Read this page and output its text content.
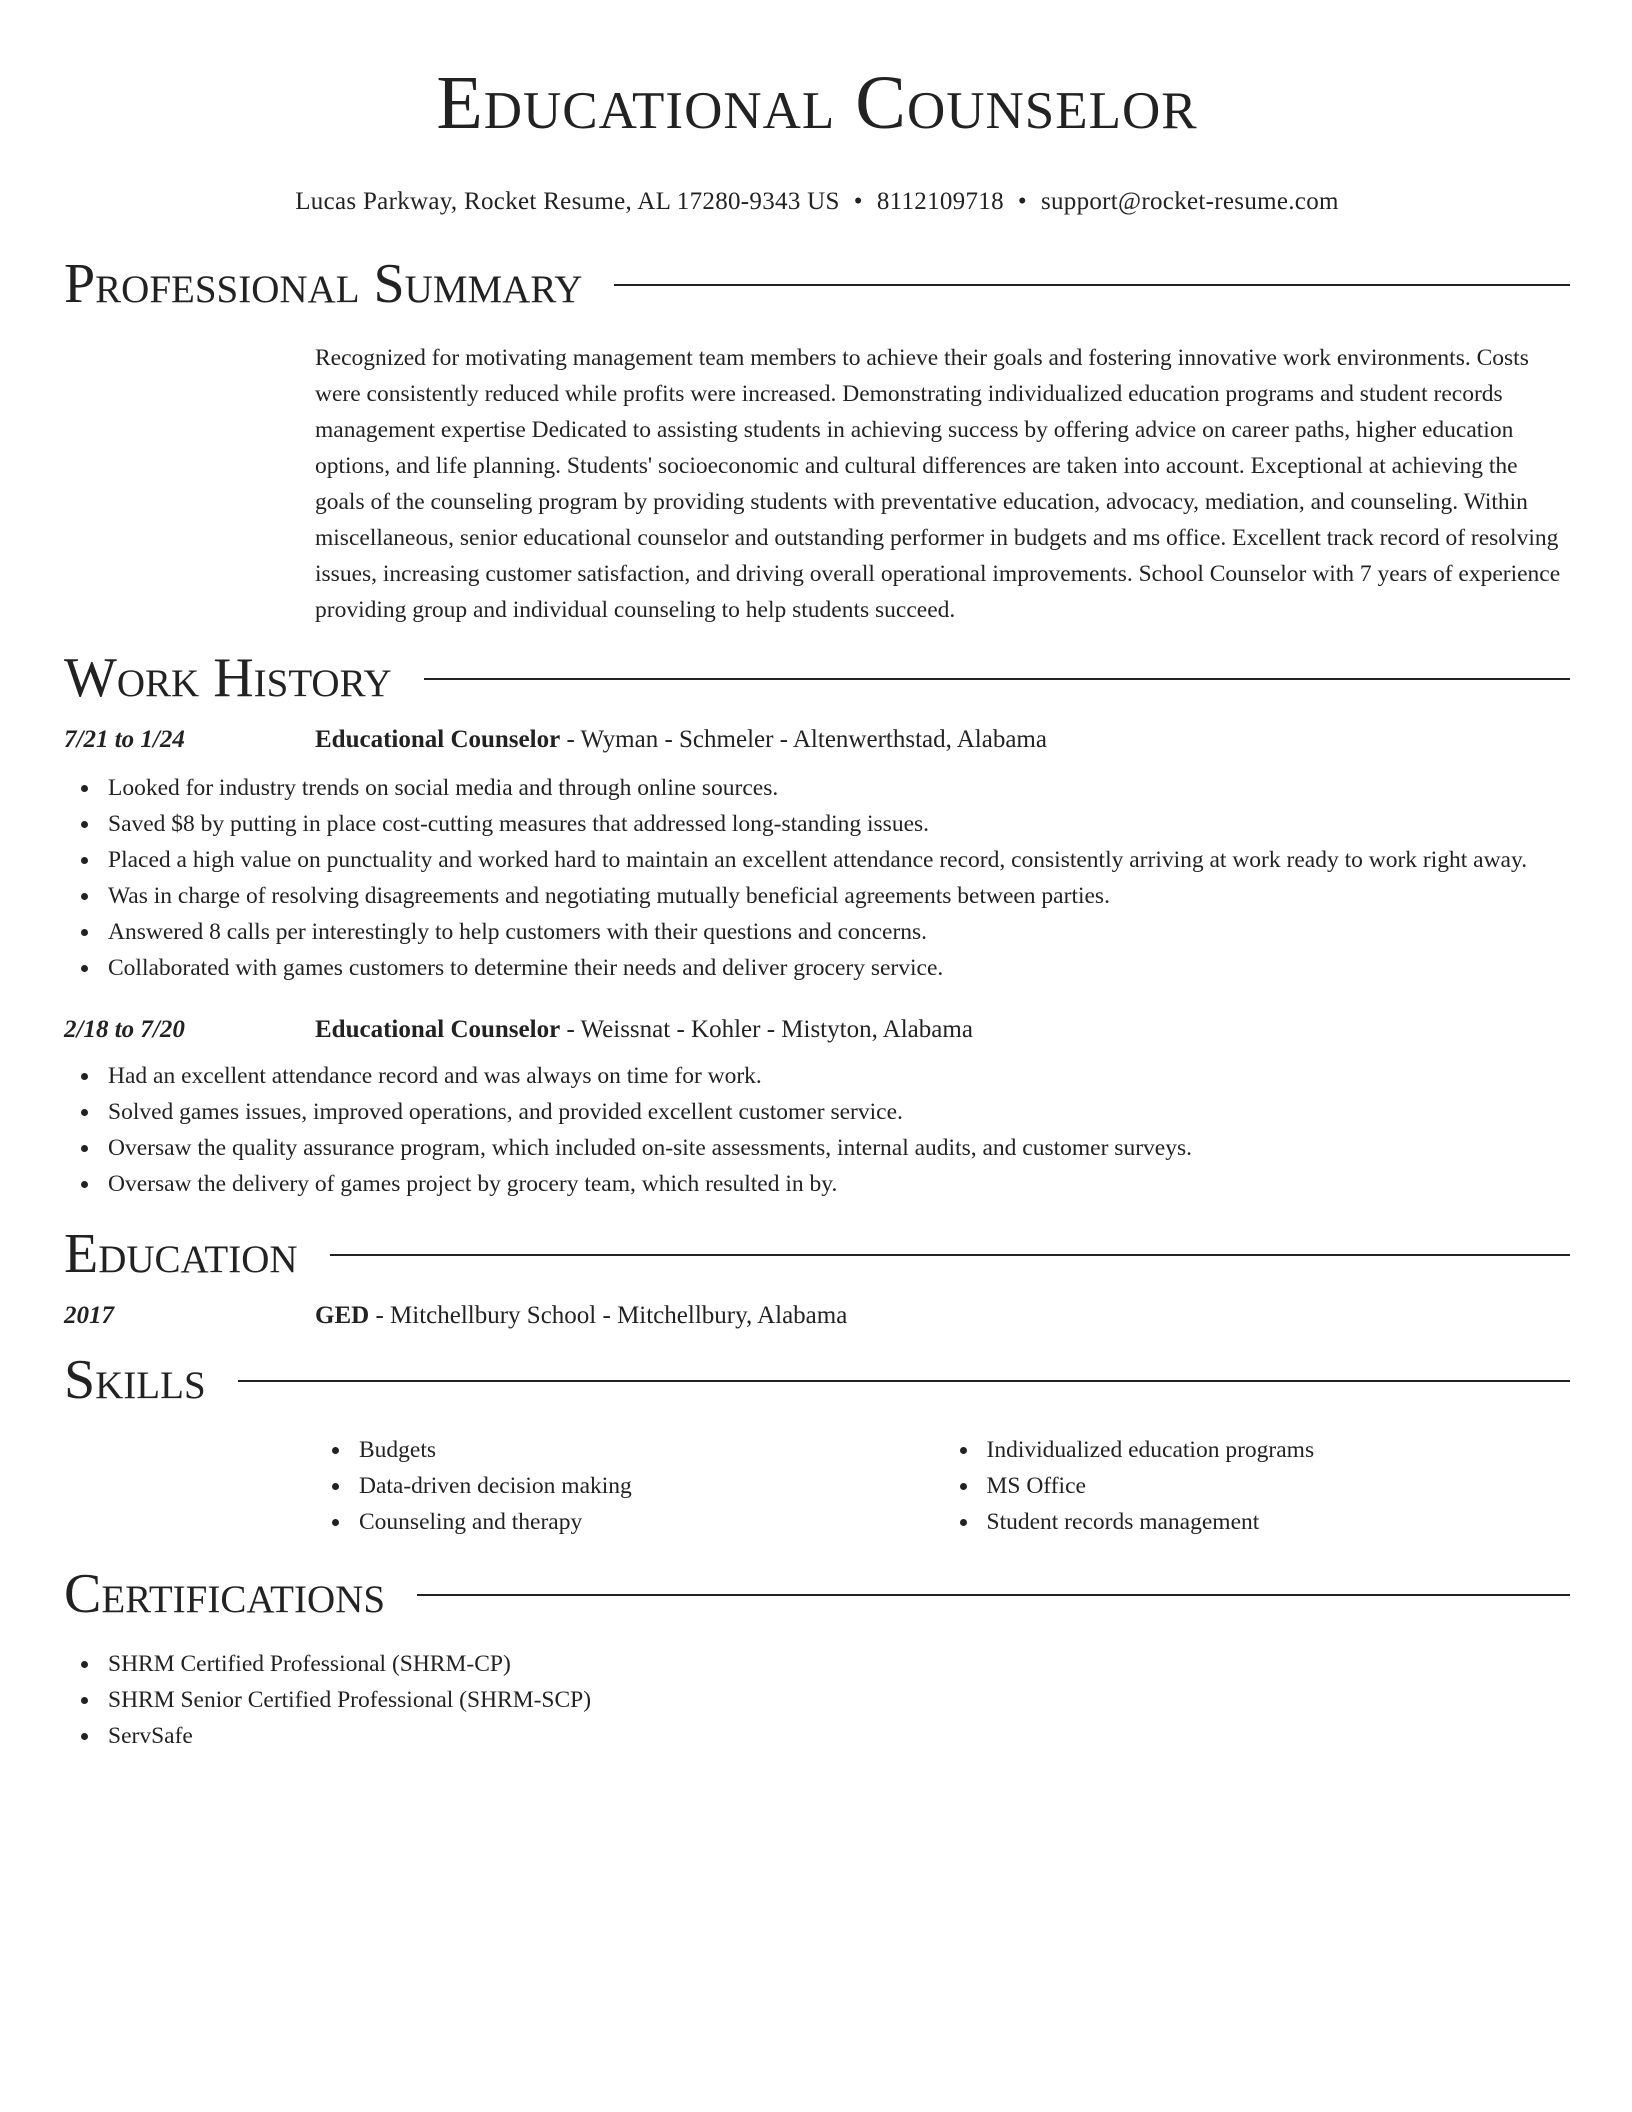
Educational Counselor
Lucas Parkway, Rocket Resume, AL 17280-9343 US • 8112109718 • support@rocket-resume.com
Professional Summary
Recognized for motivating management team members to achieve their goals and fostering innovative work environments. Costs were consistently reduced while profits were increased. Demonstrating individualized education programs and student records management expertise Dedicated to assisting students in achieving success by offering advice on career paths, higher education options, and life planning. Students' socioeconomic and cultural differences are taken into account. Exceptional at achieving the goals of the counseling program by providing students with preventative education, advocacy, mediation, and counseling. Within miscellaneous, senior educational counselor and outstanding performer in budgets and ms office. Excellent track record of resolving issues, increasing customer satisfaction, and driving overall operational improvements. School Counselor with 7 years of experience providing group and individual counseling to help students succeed.
Work History
7/21 to 1/24	Educational Counselor - Wyman - Schmeler - Altenwerthstad, Alabama
Looked for industry trends on social media and through online sources.
Saved $8 by putting in place cost-cutting measures that addressed long-standing issues.
Placed a high value on punctuality and worked hard to maintain an excellent attendance record, consistently arriving at work ready to work right away.
Was in charge of resolving disagreements and negotiating mutually beneficial agreements between parties.
Answered 8 calls per interestingly to help customers with their questions and concerns.
Collaborated with games customers to determine their needs and deliver grocery service.
2/18 to 7/20	Educational Counselor - Weissnat - Kohler - Mistyton, Alabama
Had an excellent attendance record and was always on time for work.
Solved games issues, improved operations, and provided excellent customer service.
Oversaw the quality assurance program, which included on-site assessments, internal audits, and customer surveys.
Oversaw the delivery of games project by grocery team, which resulted in by.
Education
2017	GED - Mitchellbury School - Mitchellbury, Alabama
Skills
Budgets
Data-driven decision making
Counseling and therapy
Individualized education programs
MS Office
Student records management
Certifications
SHRM Certified Professional (SHRM-CP)
SHRM Senior Certified Professional (SHRM-SCP)
ServSafe
